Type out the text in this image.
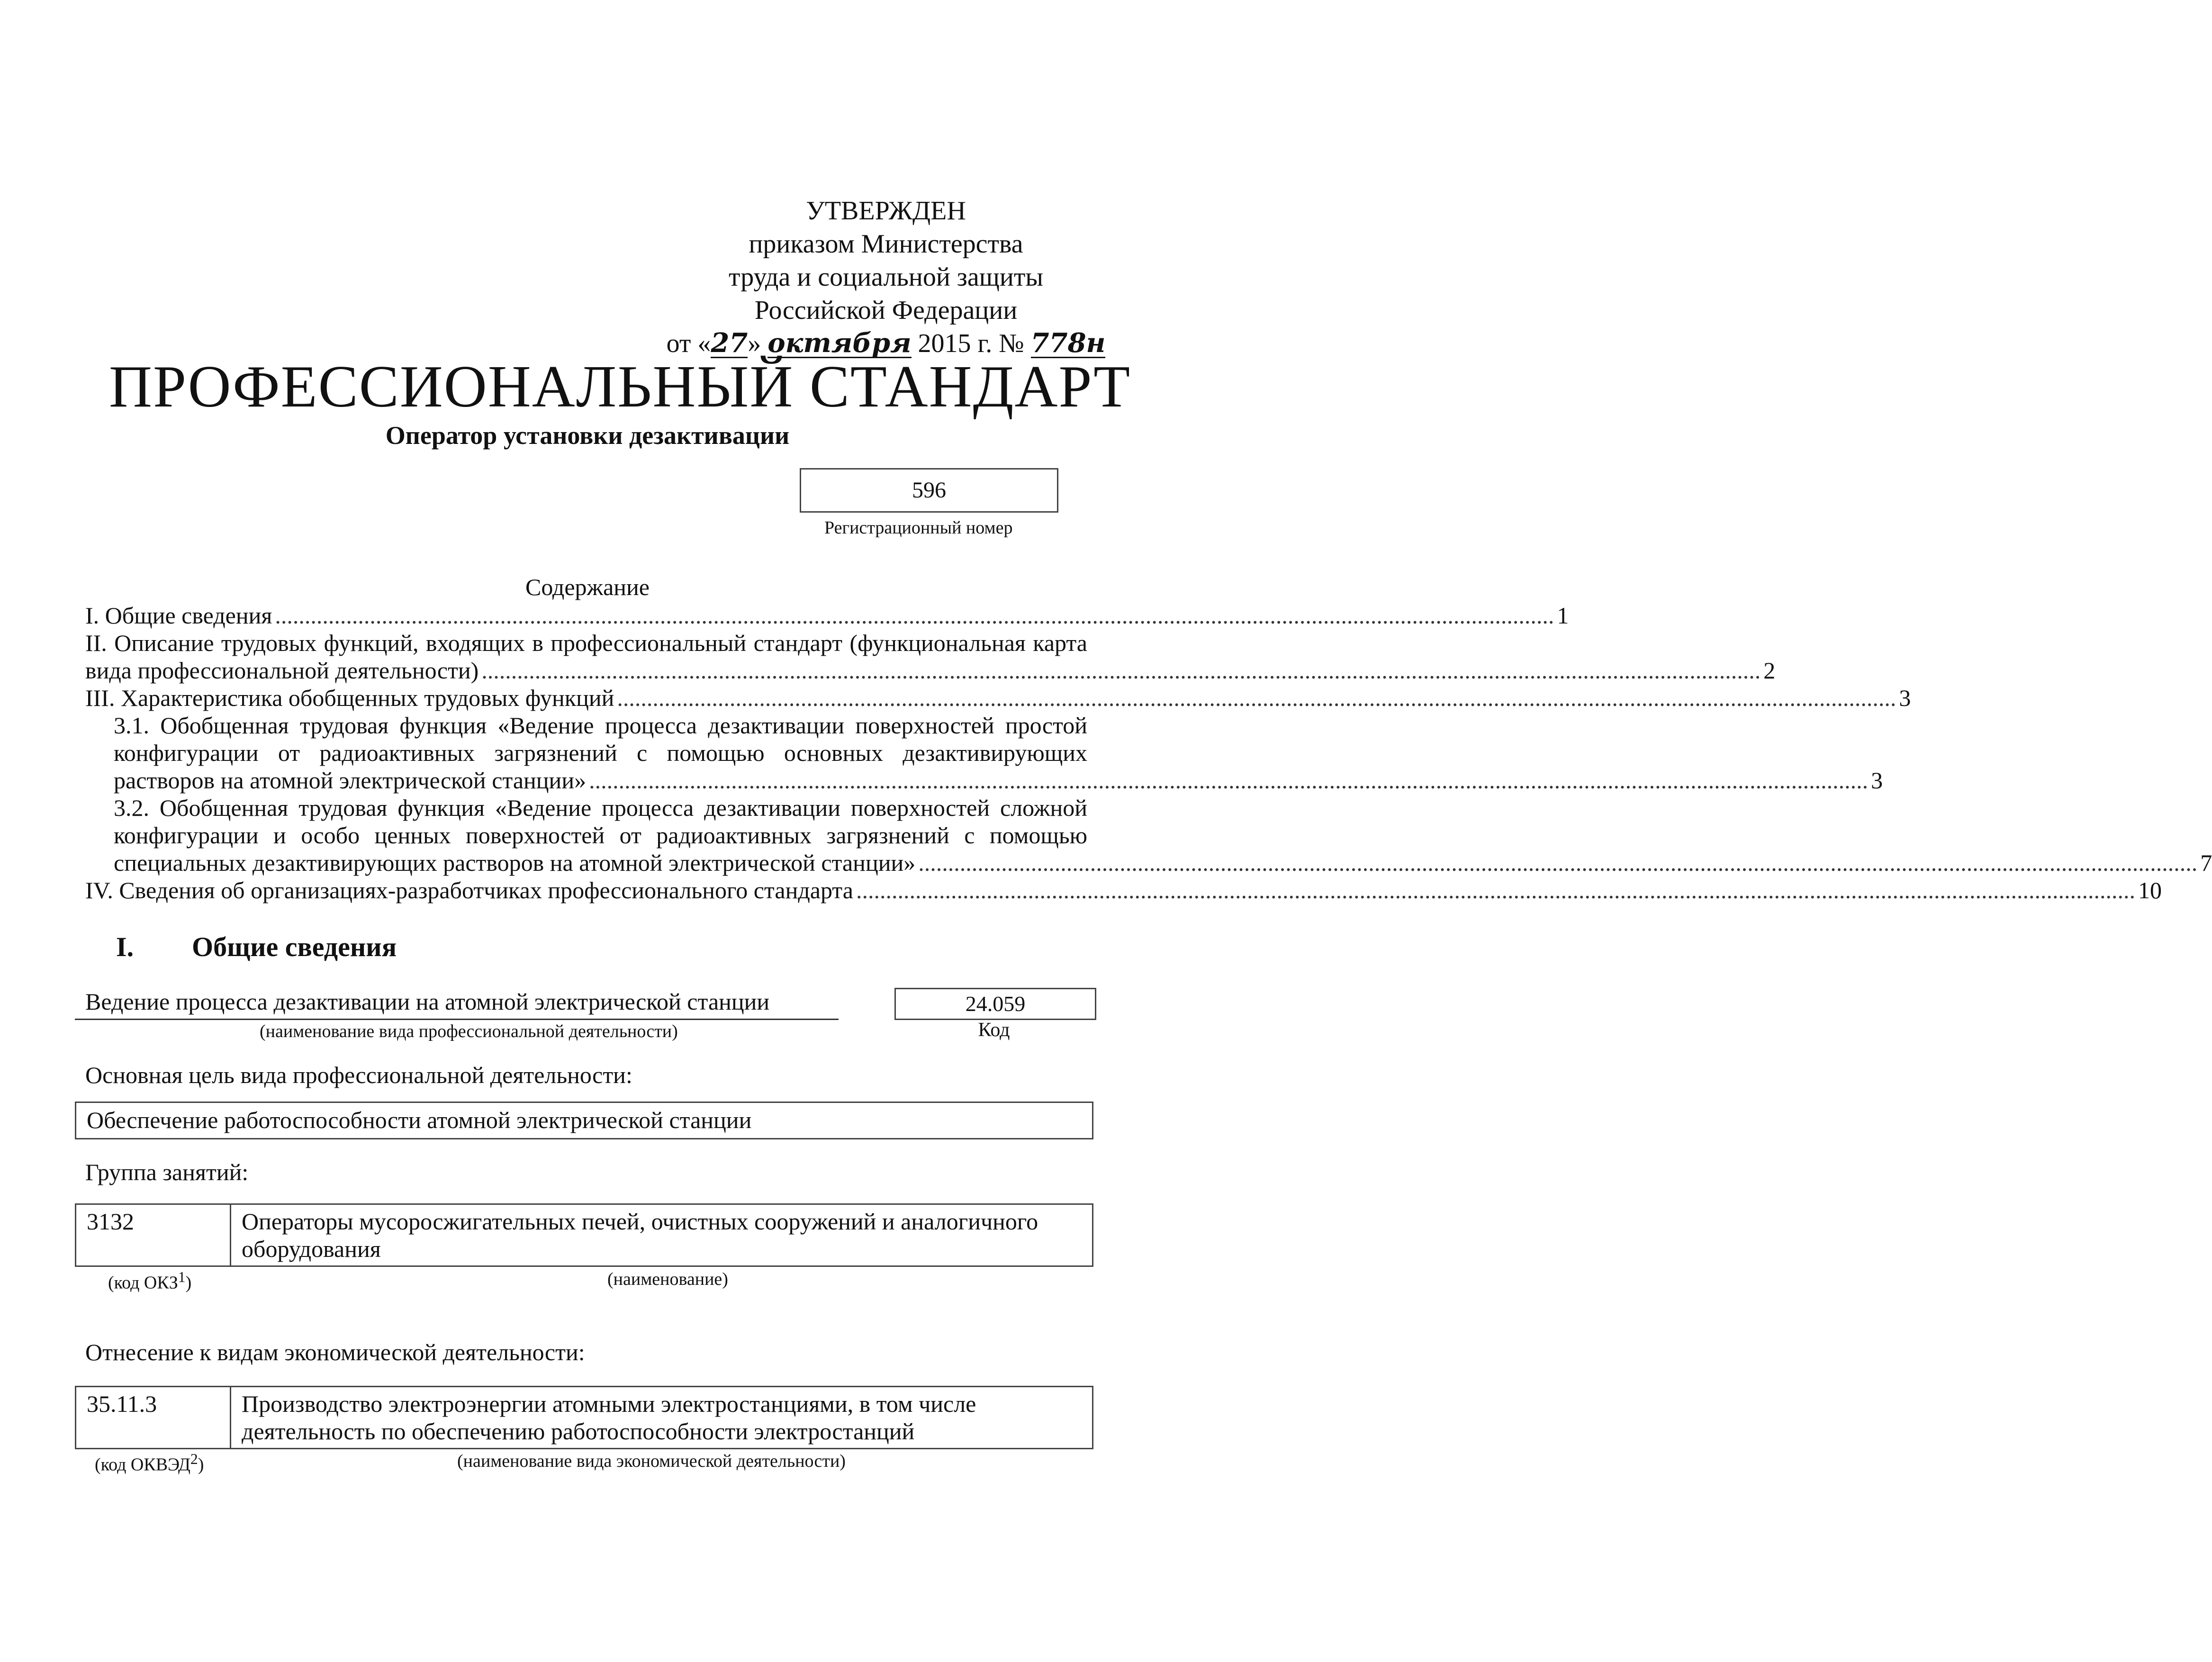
УТВЕРЖДЕН
приказом Министерства
труда и социальной защиты
Российской Федерации
от «27» октября 2015 г. № 778н
ПРОФЕССИОНАЛЬНЫЙ СТАНДАРТ
Оператор установки дезактивации
596
Регистрационный номер
Содержание
I. Общие сведения ........................................................................................................................................................................................................................ 1
II. Описание трудовых функций, входящих в профессиональный стандарт (функциональная карта
вида профессиональной деятельности) ........................................................................................................................................................................................................................ 2
III. Характеристика обобщенных трудовых функций ........................................................................................................................................................................................................................ 3
3.1. Обобщенная трудовая функция «Ведение процесса дезактивации поверхностей простой
конфигурации от радиоактивных загрязнений с помощью основных дезактивирующих
растворов на атомной электрической станции» ........................................................................................................................................................................................................................ 3
3.2. Обобщенная трудовая функция «Ведение процесса дезактивации поверхностей сложной
конфигурации и особо ценных поверхностей от радиоактивных загрязнений с помощью
специальных дезактивирующих растворов на атомной электрической станции» ........................................................................................................................................................................................................................ 7
IV. Сведения об организациях-разработчиках профессионального стандарта ........................................................................................................................................................................................................................ 10
I. Общие сведения
Ведение процесса дезактивации на атомной электрической станции
(наименование вида профессиональной деятельности)
24.059
Код
Основная цель вида профессиональной деятельности:
Обеспечение работоспособности атомной электрической станции
Группа занятий:
3132	Операторы мусоросжигательных печей, очистных сооружений и аналогичного
оборудования
(код ОКЗ$^1$)	(наименование)
Отнесение к видам экономической деятельности:
35.11.3	Производство электроэнергии атомными электростанциями, в том числе
деятельность по обеспечению работоспособности электростанций
(код ОКВЭД$^2$)	(наименование вида экономической деятельности)
